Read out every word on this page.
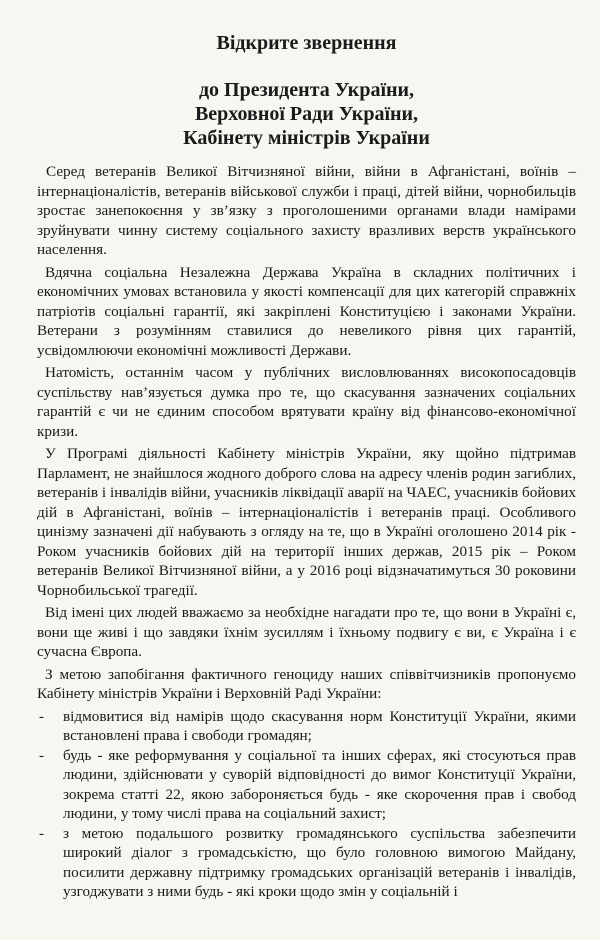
Відкрите звернення
до Президента України,
Верховної Ради України,
Кабінету міністрів України

Серед ветеранів Великої Вітчизняної війни, війни в Афганістані, воїнів – інтернаціоналістів, ветеранів військової служби і праці, дітей війни, чорнобильців зростає занепокоєння у зв’язку з проголошеними органами влади намірами зруйнувати чинну систему соціального захисту вразливих верств українського населення.

Вдячна соціальна Незалежна Держава Україна в складних політичних і економічних умовах встановила у якості компенсації для цих категорій справжніх патріотів соціальні гарантії, які закріплені Конституцією і законами України. Ветерани з розумінням ставилися до невеликого рівня цих гарантій, усвідомлюючи економічні можливості Держави.

Натомість, останнім часом у публічних висловлюваннях високопосадовців суспільству нав’язується думка про те, що скасування зазначених соціальних гарантій є чи не єдиним способом врятувати країну від фінансово-економічної кризи.

У Програмі діяльності Кабінету міністрів України, яку щойно підтримав Парламент, не знайшлося жодного доброго слова на адресу членів родин загиблих, ветеранів і інвалідів війни, учасників ліквідації аварії на ЧАЕС, учасників бойових дій в Афганістані, воїнів – інтернаціоналістів і ветеранів праці. Особливого цинізму зазначені дії набувають з огляду на те, що в Україні оголошено 2014 рік - Роком учасників бойових дій на території інших держав, 2015 рік – Роком ветеранів Великої Вітчизняної війни, а у 2016 році відзначатимуться 30 роковини Чорнобильської трагедії.

Від імені цих людей вважаємо за необхідне нагадати про те, що вони в Україні є, вони ще живі і що завдяки їхнім зусиллям і їхньому подвигу є ви, є Україна і є сучасна Європа.

З метою запобігання фактичного геноциду наших співвітчизників пропонуємо Кабінету міністрів України і Верховній Раді України:

- відмовитися від намірів щодо скасування норм Конституції України, якими встановлені права і свободи громадян;
- будь - яке реформування у соціальної та інших сферах, які стосуються прав людини, здійснювати у суворій відповідності до вимог Конституції України, зокрема статті 22, якою забороняється будь - яке скорочення прав і свобод людини, у тому числі права на соціальний захист;
- з метою подальшого розвитку громадянського суспільства забезпечити широкий діалог з громадськістю, що було головною вимогою Майдану, посилити державну підтримку громадських організацій ветеранів і інвалідів, узгоджувати з ними будь - які кроки щодо змін у соціальній і
